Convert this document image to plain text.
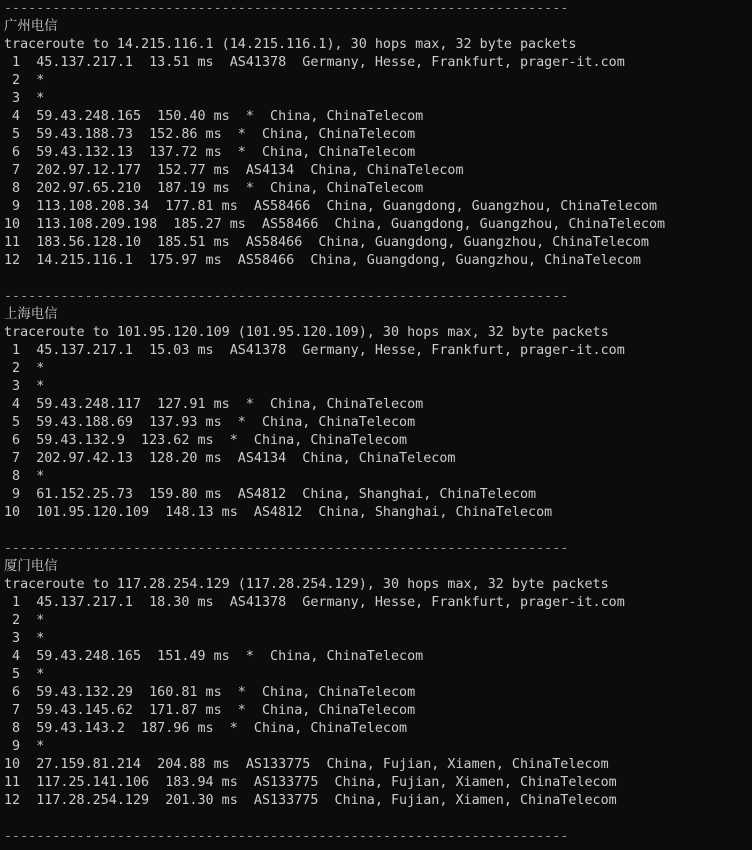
----------------------------------------------------------------------
广州电信
traceroute to 14.215.116.1 (14.215.116.1), 30 hops max, 32 byte packets
1  45.137.217.1  13.51 ms  AS41378  Germany, Hesse, Frankfurt, prager-it.com
2  *
3  *
4  59.43.248.165  150.40 ms  *  China, ChinaTelecom
5  59.43.188.73  152.86 ms  *  China, ChinaTelecom
6  59.43.132.13  137.72 ms  *  China, ChinaTelecom
7  202.97.12.177  152.77 ms  AS4134  China, ChinaTelecom
8  202.97.65.210  187.19 ms  *  China, ChinaTelecom
9  113.108.208.34  177.81 ms  AS58466  China, Guangdong, Guangzhou, ChinaTelecom
10  113.108.209.198  185.27 ms  AS58466  China, Guangdong, Guangzhou, ChinaTelecom
11  183.56.128.10  185.51 ms  AS58466  China, Guangdong, Guangzhou, ChinaTelecom
12  14.215.116.1  175.97 ms  AS58466  China, Guangdong, Guangzhou, ChinaTelecom
----------------------------------------------------------------------
上海电信
traceroute to 101.95.120.109 (101.95.120.109), 30 hops max, 32 byte packets
1  45.137.217.1  15.03 ms  AS41378  Germany, Hesse, Frankfurt, prager-it.com
2  *
3  *
4  59.43.248.117  127.91 ms  *  China, ChinaTelecom
5  59.43.188.69  137.93 ms  *  China, ChinaTelecom
6  59.43.132.9  123.62 ms  *  China, ChinaTelecom
7  202.97.42.13  128.20 ms  AS4134  China, ChinaTelecom
8  *
9  61.152.25.73  159.80 ms  AS4812  China, Shanghai, ChinaTelecom
10  101.95.120.109  148.13 ms  AS4812  China, Shanghai, ChinaTelecom
----------------------------------------------------------------------
厦门电信
traceroute to 117.28.254.129 (117.28.254.129), 30 hops max, 32 byte packets
1  45.137.217.1  18.30 ms  AS41378  Germany, Hesse, Frankfurt, prager-it.com
2  *
3  *
4  59.43.248.165  151.49 ms  *  China, ChinaTelecom
5  *
6  59.43.132.29  160.81 ms  *  China, ChinaTelecom
7  59.43.145.62  171.87 ms  *  China, ChinaTelecom
8  59.43.143.2  187.96 ms  *  China, ChinaTelecom
9  *
10  27.159.81.214  204.88 ms  AS133775  China, Fujian, Xiamen, ChinaTelecom
11  117.25.141.106  183.94 ms  AS133775  China, Fujian, Xiamen, ChinaTelecom
12  117.28.254.129  201.30 ms  AS133775  China, Fujian, Xiamen, ChinaTelecom
----------------------------------------------------------------------
